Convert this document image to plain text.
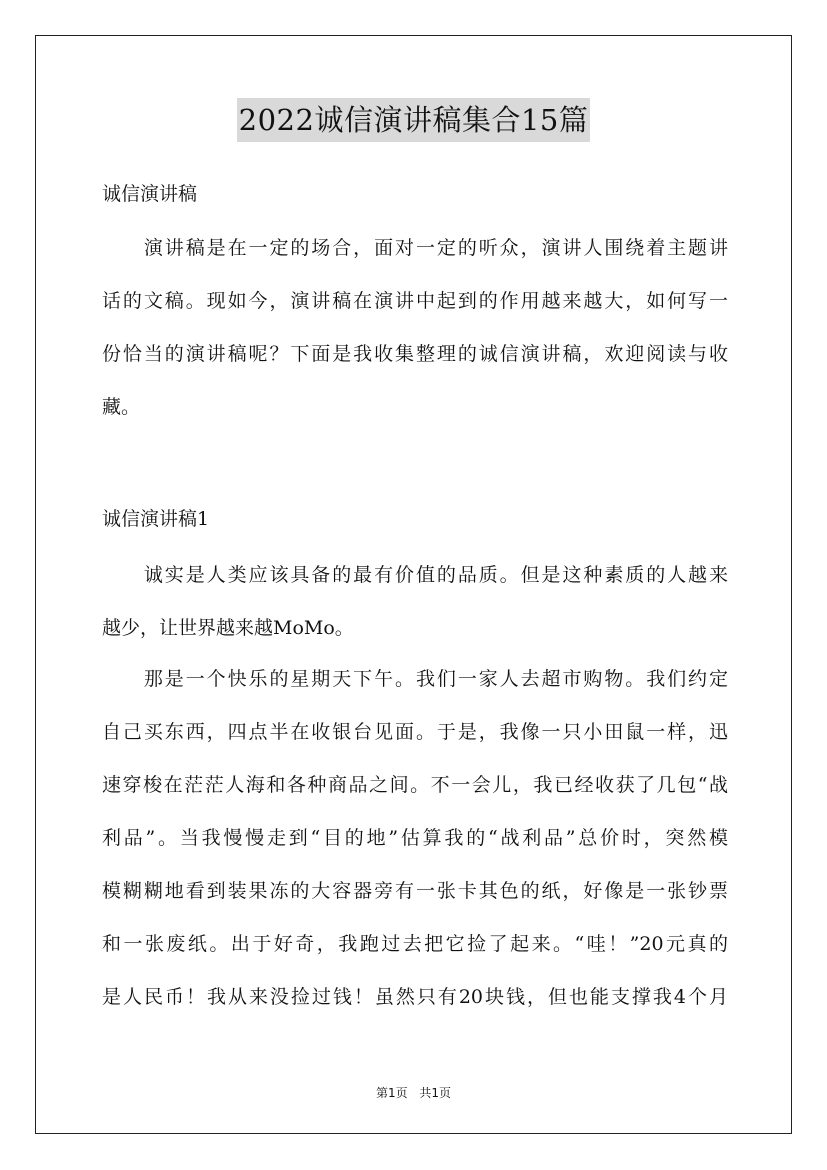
2022诚信演讲稿集合15篇
诚信演讲稿
　　演讲稿是在一定的场合，面对一定的听众，演讲人围绕着主题讲
话的文稿。现如今，演讲稿在演讲中起到的作用越来越大，如何写一
份恰当的演讲稿呢？下面是我收集整理的诚信演讲稿，欢迎阅读与收
藏。
诚信演讲稿1
　　诚实是人类应该具备的最有价值的品质。但是这种素质的人越来
越少，让世界越来越MoMo。
　　那是一个快乐的星期天下午。我们一家人去超市购物。我们约定
自己买东西，四点半在收银台见面。于是，我像一只小田鼠一样，迅
速穿梭在茫茫人海和各种商品之间。不一会儿，我已经收获了几包“战
利品”。当我慢慢走到“目的地”估算我的“战利品”总价时，突然模
模糊糊地看到装果冻的大容器旁有一张卡其色的纸，好像是一张钞票
和一张废纸。出于好奇，我跑过去把它捡了起来。“哇！”20元真的
是人民币！我从来没捡过钱！虽然只有20块钱，但也能支撑我4个月
第1页 共1页
